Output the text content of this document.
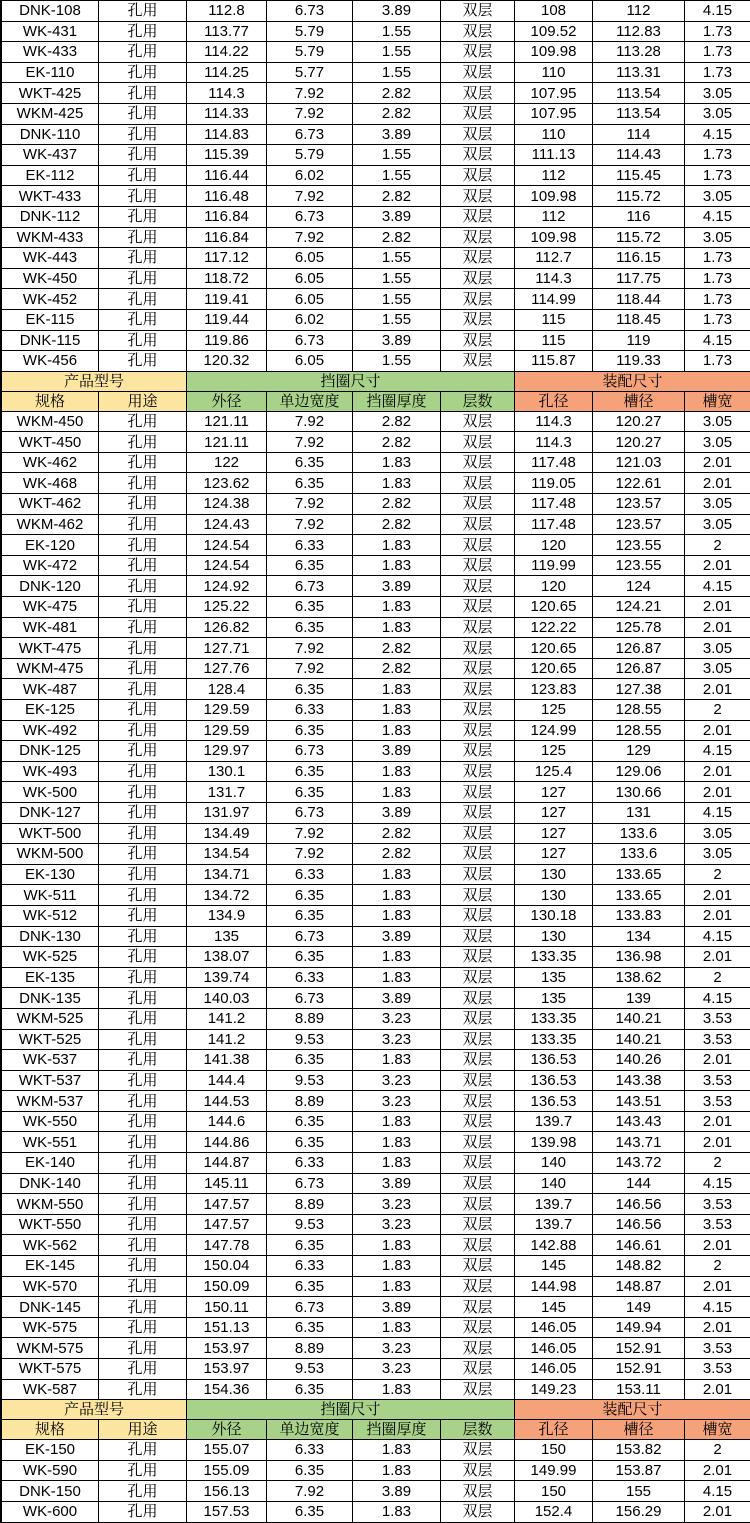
DNK-108	孔用	112.8	6.73	3.89	双层	108	112	4.15
WK-431	孔用	113.77	5.79	1.55	双层	109.52	112.83	1.73
WK-433	孔用	114.22	5.79	1.55	双层	109.98	113.28	1.73
EK-110	孔用	114.25	5.77	1.55	双层	110	113.31	1.73
WKT-425	孔用	114.3	7.92	2.82	双层	107.95	113.54	3.05
WKM-425	孔用	114.33	7.92	2.82	双层	107.95	113.54	3.05
DNK-110	孔用	114.83	6.73	3.89	双层	110	114	4.15
WK-437	孔用	115.39	5.79	1.55	双层	111.13	114.43	1.73
EK-112	孔用	116.44	6.02	1.55	双层	112	115.45	1.73
WKT-433	孔用	116.48	7.92	2.82	双层	109.98	115.72	3.05
DNK-112	孔用	116.84	6.73	3.89	双层	112	116	4.15
WKM-433	孔用	116.84	7.92	2.82	双层	109.98	115.72	3.05
WK-443	孔用	117.12	6.05	1.55	双层	112.7	116.15	1.73
WK-450	孔用	118.72	6.05	1.55	双层	114.3	117.75	1.73
WK-452	孔用	119.41	6.05	1.55	双层	114.99	118.44	1.73
EK-115	孔用	119.44	6.02	1.55	双层	115	118.45	1.73
DNK-115	孔用	119.86	6.73	3.89	双层	115	119	4.15
WK-456	孔用	120.32	6.05	1.55	双层	115.87	119.33	1.73
产品型号	挡圈尺寸	装配尺寸
规格	用途	外径	单边宽度	挡圈厚度	层数	孔径	槽径	槽宽
WKM-450	孔用	121.11	7.92	2.82	双层	114.3	120.27	3.05
WKT-450	孔用	121.11	7.92	2.82	双层	114.3	120.27	3.05
WK-462	孔用	122	6.35	1.83	双层	117.48	121.03	2.01
WK-468	孔用	123.62	6.35	1.83	双层	119.05	122.61	2.01
WKT-462	孔用	124.38	7.92	2.82	双层	117.48	123.57	3.05
WKM-462	孔用	124.43	7.92	2.82	双层	117.48	123.57	3.05
EK-120	孔用	124.54	6.33	1.83	双层	120	123.55	2
WK-472	孔用	124.54	6.35	1.83	双层	119.99	123.55	2.01
DNK-120	孔用	124.92	6.73	3.89	双层	120	124	4.15
WK-475	孔用	125.22	6.35	1.83	双层	120.65	124.21	2.01
WK-481	孔用	126.82	6.35	1.83	双层	122.22	125.78	2.01
WKT-475	孔用	127.71	7.92	2.82	双层	120.65	126.87	3.05
WKM-475	孔用	127.76	7.92	2.82	双层	120.65	126.87	3.05
WK-487	孔用	128.4	6.35	1.83	双层	123.83	127.38	2.01
EK-125	孔用	129.59	6.33	1.83	双层	125	128.55	2
WK-492	孔用	129.59	6.35	1.83	双层	124.99	128.55	2.01
DNK-125	孔用	129.97	6.73	3.89	双层	125	129	4.15
WK-493	孔用	130.1	6.35	1.83	双层	125.4	129.06	2.01
WK-500	孔用	131.7	6.35	1.83	双层	127	130.66	2.01
DNK-127	孔用	131.97	6.73	3.89	双层	127	131	4.15
WKT-500	孔用	134.49	7.92	2.82	双层	127	133.6	3.05
WKM-500	孔用	134.54	7.92	2.82	双层	127	133.6	3.05
EK-130	孔用	134.71	6.33	1.83	双层	130	133.65	2
WK-511	孔用	134.72	6.35	1.83	双层	130	133.65	2.01
WK-512	孔用	134.9	6.35	1.83	双层	130.18	133.83	2.01
DNK-130	孔用	135	6.73	3.89	双层	130	134	4.15
WK-525	孔用	138.07	6.35	1.83	双层	133.35	136.98	2.01
EK-135	孔用	139.74	6.33	1.83	双层	135	138.62	2
DNK-135	孔用	140.03	6.73	3.89	双层	135	139	4.15
WKM-525	孔用	141.2	8.89	3.23	双层	133.35	140.21	3.53
WKT-525	孔用	141.2	9.53	3.23	双层	133.35	140.21	3.53
WK-537	孔用	141.38	6.35	1.83	双层	136.53	140.26	2.01
WKT-537	孔用	144.4	9.53	3.23	双层	136.53	143.38	3.53
WKM-537	孔用	144.53	8.89	3.23	双层	136.53	143.51	3.53
WK-550	孔用	144.6	6.35	1.83	双层	139.7	143.43	2.01
WK-551	孔用	144.86	6.35	1.83	双层	139.98	143.71	2.01
EK-140	孔用	144.87	6.33	1.83	双层	140	143.72	2
DNK-140	孔用	145.11	6.73	3.89	双层	140	144	4.15
WKM-550	孔用	147.57	8.89	3.23	双层	139.7	146.56	3.53
WKT-550	孔用	147.57	9.53	3.23	双层	139.7	146.56	3.53
WK-562	孔用	147.78	6.35	1.83	双层	142.88	146.61	2.01
EK-145	孔用	150.04	6.33	1.83	双层	145	148.82	2
WK-570	孔用	150.09	6.35	1.83	双层	144.98	148.87	2.01
DNK-145	孔用	150.11	6.73	3.89	双层	145	149	4.15
WK-575	孔用	151.13	6.35	1.83	双层	146.05	149.94	2.01
WKM-575	孔用	153.97	8.89	3.23	双层	146.05	152.91	3.53
WKT-575	孔用	153.97	9.53	3.23	双层	146.05	152.91	3.53
WK-587	孔用	154.36	6.35	1.83	双层	149.23	153.11	2.01
产品型号	挡圈尺寸	装配尺寸
规格	用途	外径	单边宽度	挡圈厚度	层数	孔径	槽径	槽宽
EK-150	孔用	155.07	6.33	1.83	双层	150	153.82	2
WK-590	孔用	155.09	6.35	1.83	双层	149.99	153.87	2.01
DNK-150	孔用	156.13	7.92	3.89	双层	150	155	4.15
WK-600	孔用	157.53	6.35	1.83	双层	152.4	156.29	2.01
